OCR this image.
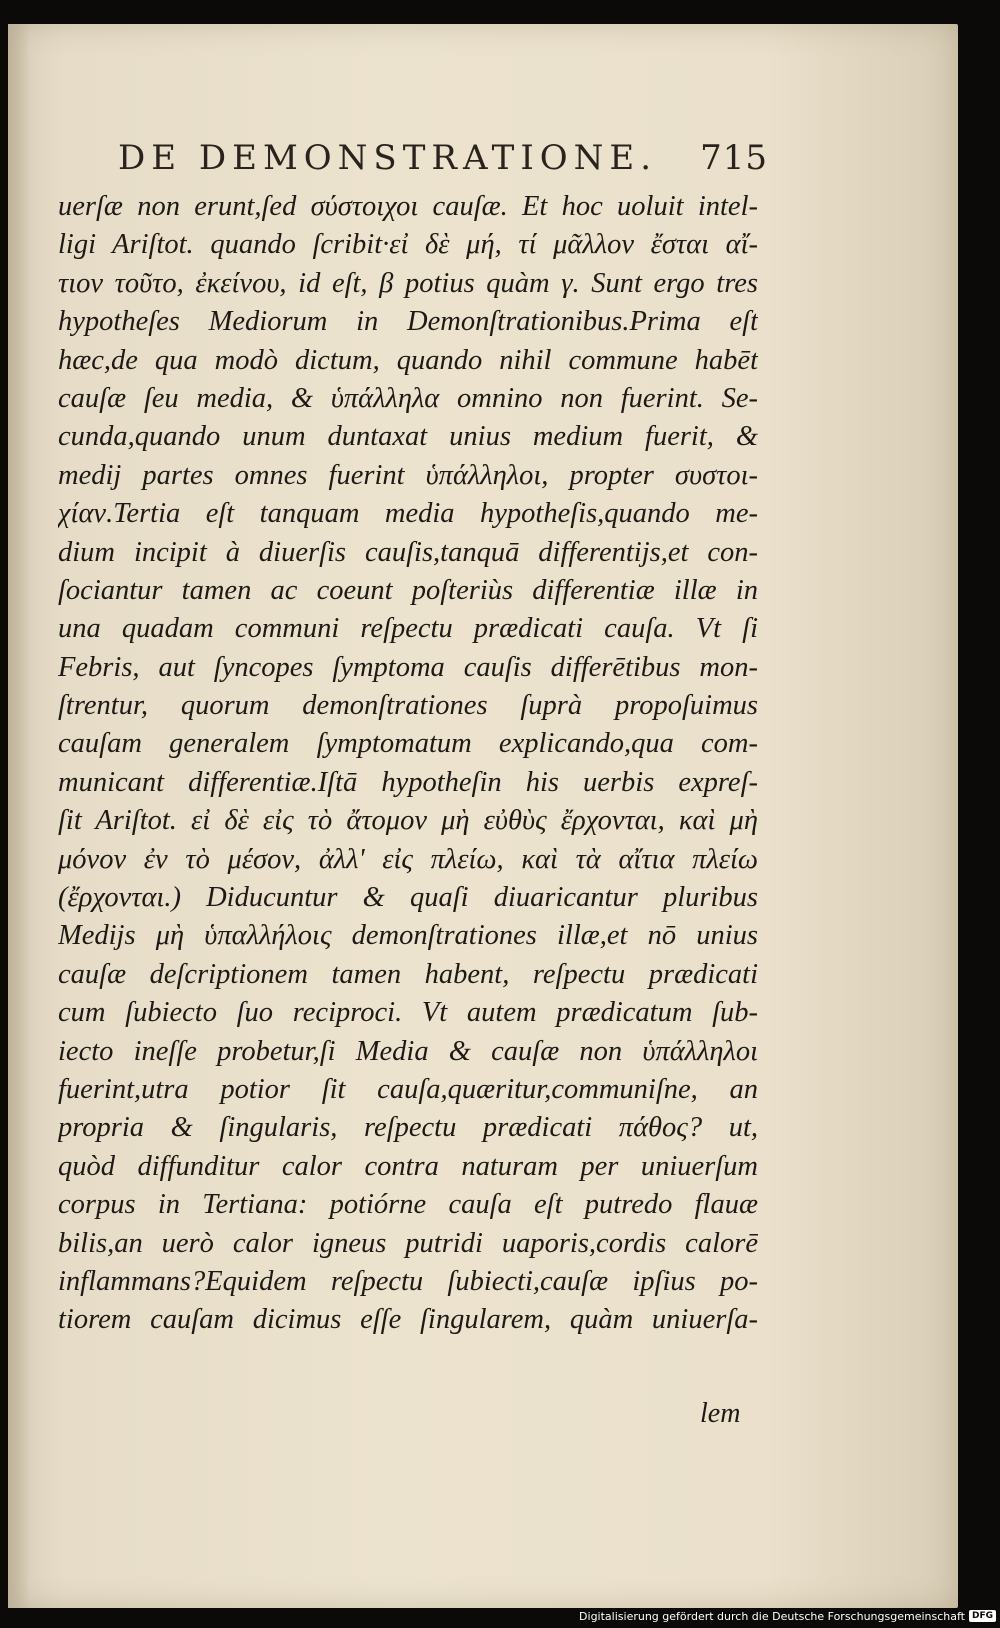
DE DEMONSTRATIONE. 715
uerſæ non erunt,ſed σύστοιχοι cauſæ. Et hoc uoluit intel-
ligi Ariſtot. quando ſcribit·εἰ δὲ μή, τί μᾶλλον ἔσται αἴ-
τιον τοῦτο, ἐκείνου, id eſt, β potius quàm γ. Sunt ergo tres
hypotheſes Mediorum in Demonſtrationibus.Prima eſt
hæc,de qua modò dictum, quando nihil commune habēt
cauſæ ſeu media, & ὑπάλληλα omnino non fuerint. Se-
cunda,quando unum duntaxat unius medium fuerit, &
medij partes omnes fuerint ὑπάλληλοι, propter συστοι-
χίαν.Tertia eſt tanquam media hypotheſis,quando me-
dium incipit à diuerſis cauſis,tanquā differentijs,et con-
ſociantur tamen ac coeunt poſteriùs differentiæ illæ in
una quadam communi reſpectu prædicati cauſa. Vt ſi
Febris, aut ſyncopes ſymptoma cauſis differētibus mon-
ſtrentur, quorum demonſtrationes ſuprà propoſuimus
cauſam generalem ſymptomatum explicando,qua com-
municant differentiæ.Iſtā hypotheſin his uerbis expreſ-
ſit Ariſtot. εἰ δὲ εἰς τὸ ἄτομον μὴ εὐθὺς ἔρχονται, καὶ μὴ
μόνον ἐν τὸ μέσον, ἀλλ' εἰς πλείω, καὶ τὰ αἴτια πλείω
(ἔρχονται.) Diducuntur & quaſi diuaricantur pluribus
Medijs μὴ ὑπαλλήλοις demonſtrationes illæ,et nō unius
cauſæ deſcriptionem tamen habent, reſpectu prædicati
cum ſubiecto ſuo reciproci. Vt autem prædicatum ſub-
iecto ineſſe probetur,ſi Media & cauſæ non ὑπάλληλοι
fuerint,utra potior ſit cauſa,quæritur,communiſne, an
propria & ſingularis, reſpectu prædicati πάθος? ut,
quòd diffunditur calor contra naturam per uniuerſum
corpus in Tertiana: potiórne cauſa eſt putredo flauæ
bilis,an uerò calor igneus putridi uaporis,cordis calorē
inflammans?Equidem reſpectu ſubiecti,cauſæ ipſius po-
tiorem cauſam dicimus eſſe ſingularem, quàm uniuerſa-
lem
Digitalisierung gefördert durch die Deutsche Forschungsgemeinschaft DFG
